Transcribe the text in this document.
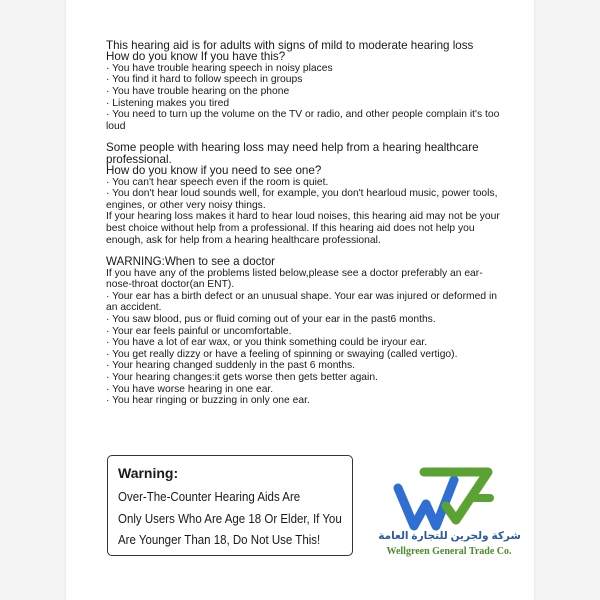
This hearing aid is for adults with signs of mild to moderate hearing loss

How do you know If you have this?

· You have trouble hearing speech in noisy places

· You find it hard to follow speech in groups

· You have trouble hearing on the phone

· Listening makes you tired

· You need to turn up the volume on the TV or radio, and other people complain it's too loud

Some people with hearing loss may need help from a hearing healthcare professional.

How do you know if you need to see one?

· You can't hear speech even if the room is quiet.

· You don't hear loud sounds well, for example, you don't hearloud music, power tools, engines, or other very noisy things.

If your hearing loss makes it hard to hear loud noises, this hearing aid may not be your best choice without help from a professional. If this hearing aid does not help you enough, ask for help from a hearing healthcare professional.

WARNING:When to see a doctor

If you have any of the problems listed below,please see a doctor preferably an ear-nose-throat doctor(an ENT).

· Your ear has a birth defect or an unusual shape. Your ear was injured or deformed in an accident.

· You saw blood, pus or fluid coming out of your ear in the past6 months.

· Your ear feels painful or uncomfortable.

· You have a lot of ear wax, or you think something could be iryour ear.

· You get really dizzy or have a feeling of spinning or swaying (called vertigo).

· Your hearing changed suddenly in the past 6 months.

· Your hearing changes:it gets worse then gets better again.

· You have worse hearing in one ear.

· You hear ringing or buzzing in only one ear.

Warning:

Over-The-Counter Hearing Aids Are

Only Users Who Are Age 18 Or Elder, If You

Are Younger Than 18, Do Not Use This!	شركة ولجرين للتجارة العامة
Wellgreen General Trade Co.
